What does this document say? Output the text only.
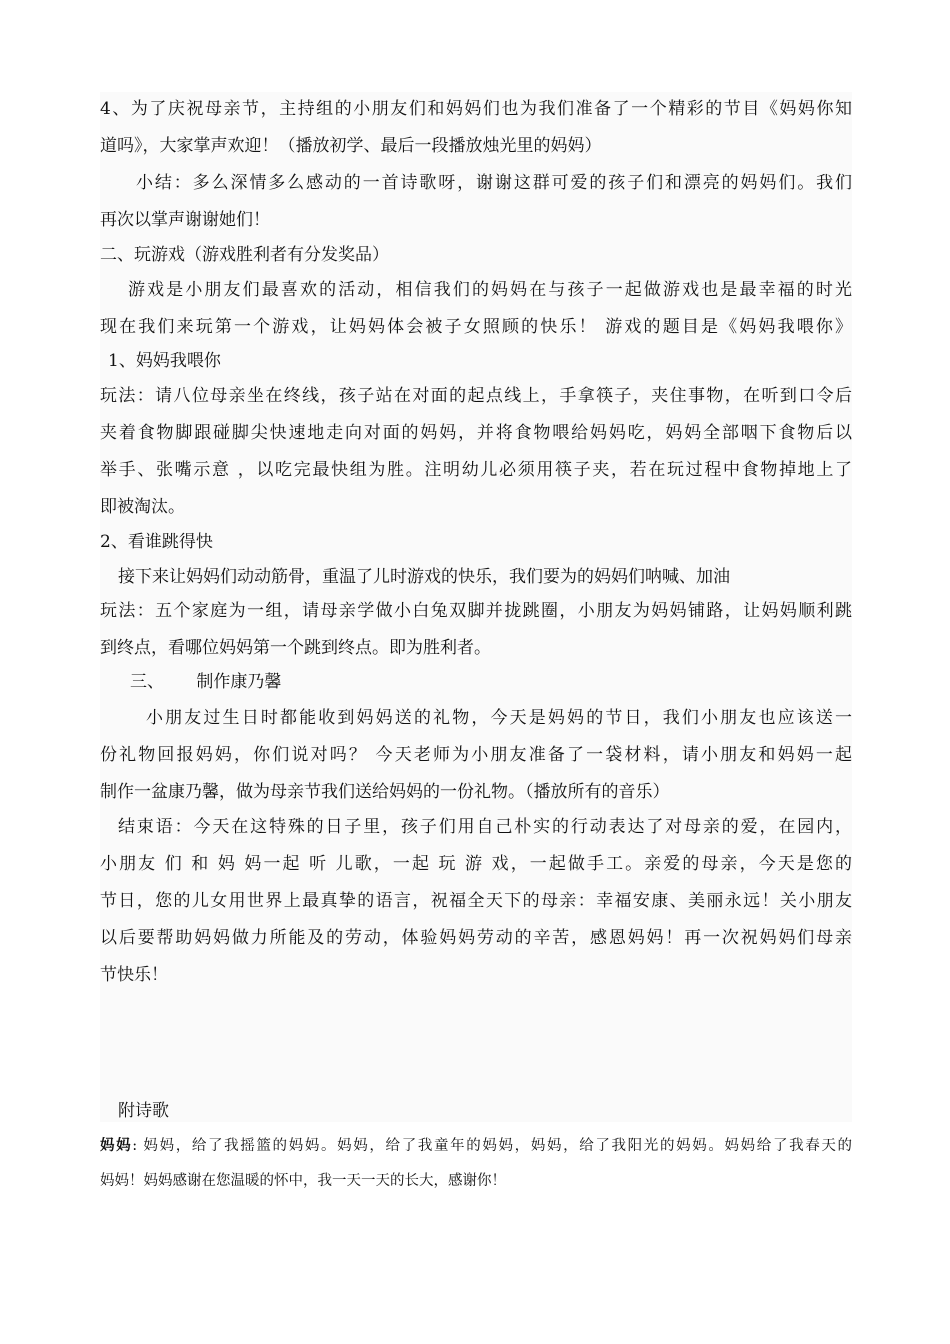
4、为了庆祝母亲节，主持组的小朋友们和妈妈们也为我们准备了一个精彩的节目《妈妈你知
道吗》，大家掌声欢迎！（播放初学、最后一段播放烛光里的妈妈）
小结：多么深情多么感动的一首诗歌呀，谢谢这群可爱的孩子们和漂亮的妈妈们。我们
再次以掌声谢谢她们！
二、玩游戏（游戏胜利者有分发奖品）
游戏是小朋友们最喜欢的活动，相信我们的妈妈在与孩子一起做游戏也是最幸福的时光
现在我们来玩第一个游戏，让妈妈体会被子女照顾的快乐！ 游戏的题目是《妈妈我喂你》
1、妈妈我喂你
玩法：请八位母亲坐在终线，孩子站在对面的起点线上，手拿筷子，夹住事物，在听到口令后
夹着食物脚跟碰脚尖快速地走向对面的妈妈，并将食物喂给妈妈吃，妈妈全部咽下食物后以
举手、张嘴示意 ，以吃完最快组为胜。注明幼儿必须用筷子夹，若在玩过程中食物掉地上了
即被淘汰。
2、看谁跳得快
接下来让妈妈们动动筋骨，重温了儿时游戏的快乐，我们要为的妈妈们呐喊、加油
玩法：五个家庭为一组，请母亲学做小白兔双脚并拢跳圈，小朋友为妈妈铺路，让妈妈顺利跳
到终点，看哪位妈妈第一个跳到终点。即为胜利者。
三、      制作康乃馨
小朋友过生日时都能收到妈妈送的礼物，今天是妈妈的节日，我们小朋友也应该送一
份礼物回报妈妈，你们说对吗？ 今天老师为小朋友准备了一袋材料，请小朋友和妈妈一起
制作一盆康乃馨，做为母亲节我们送给妈妈的一份礼物。（播放所有的音乐）
结束语：今天在这特殊的日子里，孩子们用自己朴实的行动表达了对母亲的爱，在园内，
小朋友 们 和 妈 妈一起 听 儿歌，一起 玩 游 戏，一起做手工。亲爱的母亲，今天是您的
节日，您的儿女用世界上最真挚的语言，祝福全天下的母亲：幸福安康、美丽永远！关小朋友
以后要帮助妈妈做力所能及的劳动，体验妈妈劳动的辛苦，感恩妈妈！再一次祝妈妈们母亲
节快乐！
附诗歌
妈妈: 妈妈，给了我摇篮的妈妈。妈妈，给了我童年的妈妈，妈妈，给了我阳光的妈妈。妈妈给了我春天的
妈妈！妈妈感谢在您温暖的怀中，我一天一天的长大，感谢你！
